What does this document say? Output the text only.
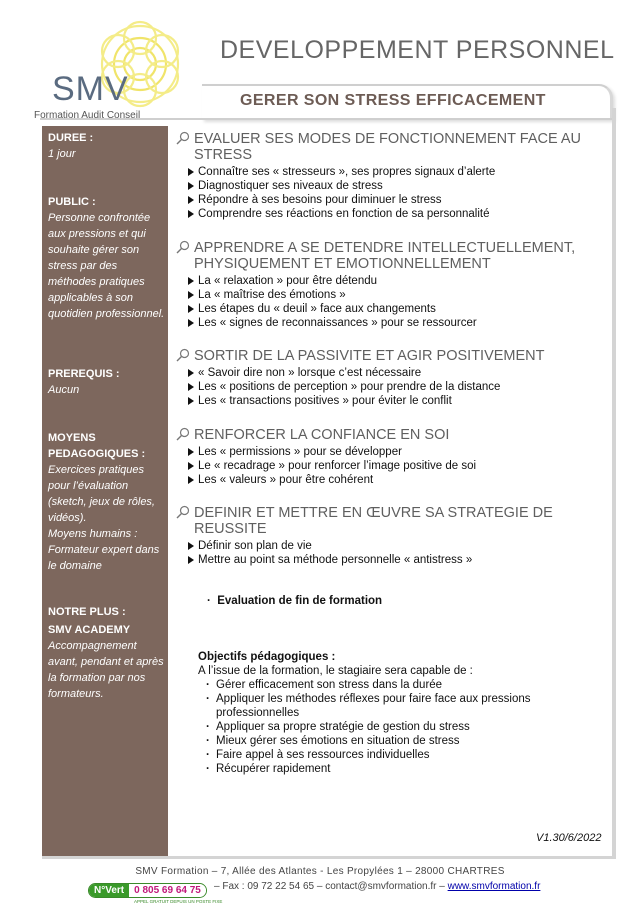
SMV
Formation Audit Conseil
DEVELOPPEMENT PERSONNEL
GERER SON STRESS EFFICACEMENT
DUREE :
1 jour
PUBLIC :
Personne confrontée aux pressions et qui souhaite gérer son stress par des méthodes pratiques applicables à son quotidien professionnel.
PREREQUIS :
Aucun
MOYENS
PEDAGOGIQUES :
Exercices pratiques pour l’évaluation (sketch, jeux de rôles, vidéos).
Moyens humains : Formateur expert dans le domaine
NOTRE PLUS :
SMV ACADEMY
Accompagnement avant, pendant et après la formation par nos formateurs.
EVALUER SES MODES DE FONCTIONNEMENT FACE AU STRESS
Connaître ses « stresseurs », ses propres signaux d’alerte
Diagnostiquer ses niveaux de stress
Répondre à ses besoins pour diminuer le stress
Comprendre ses réactions en fonction de sa personnalité
APPRENDRE A SE DETENDRE INTELLECTUELLEMENT, PHYSIQUEMENT ET EMOTIONNELLEMENT
La « relaxation » pour être détendu
La « maîtrise des émotions »
Les étapes du « deuil » face aux changements
Les « signes de reconnaissances » pour se ressourcer
SORTIR DE LA PASSIVITE ET AGIR POSITIVEMENT
« Savoir dire non » lorsque c’est nécessaire
Les « positions de perception » pour prendre de la distance
Les « transactions positives » pour éviter le conflit
RENFORCER LA CONFIANCE EN SOI
Les « permissions » pour se développer
Le « recadrage » pour renforcer l’image positive de soi
Les « valeurs » pour être cohérent
DEFINIR ET METTRE EN ŒUVRE SA STRATEGIE DE REUSSITE
Définir son plan de vie
Mettre au point sa méthode personnelle « antistress »
·  Evaluation de fin de formation
Objectifs pédagogiques :
A l’issue de la formation, le stagiaire sera capable de :
· Gérer efficacement son stress dans la durée
· Appliquer les méthodes réflexes pour faire face aux pressions professionnelles
· Appliquer sa propre stratégie de gestion du stress
· Mieux gérer ses émotions en situation de stress
· Faire appel à ses ressources individuelles
· Récupérer rapidement
V1.30/6/2022
SMV Formation – 7, Allée des Atlantes - Les Propylées 1 – 28000 CHARTRES
N°Vert	0 805 69 64 75
APPEL GRATUIT DEPUIS UN POSTE FIXE
– Fax : 09 72 22 54 65 – contact@smvformation.fr – www.smvformation.fr
